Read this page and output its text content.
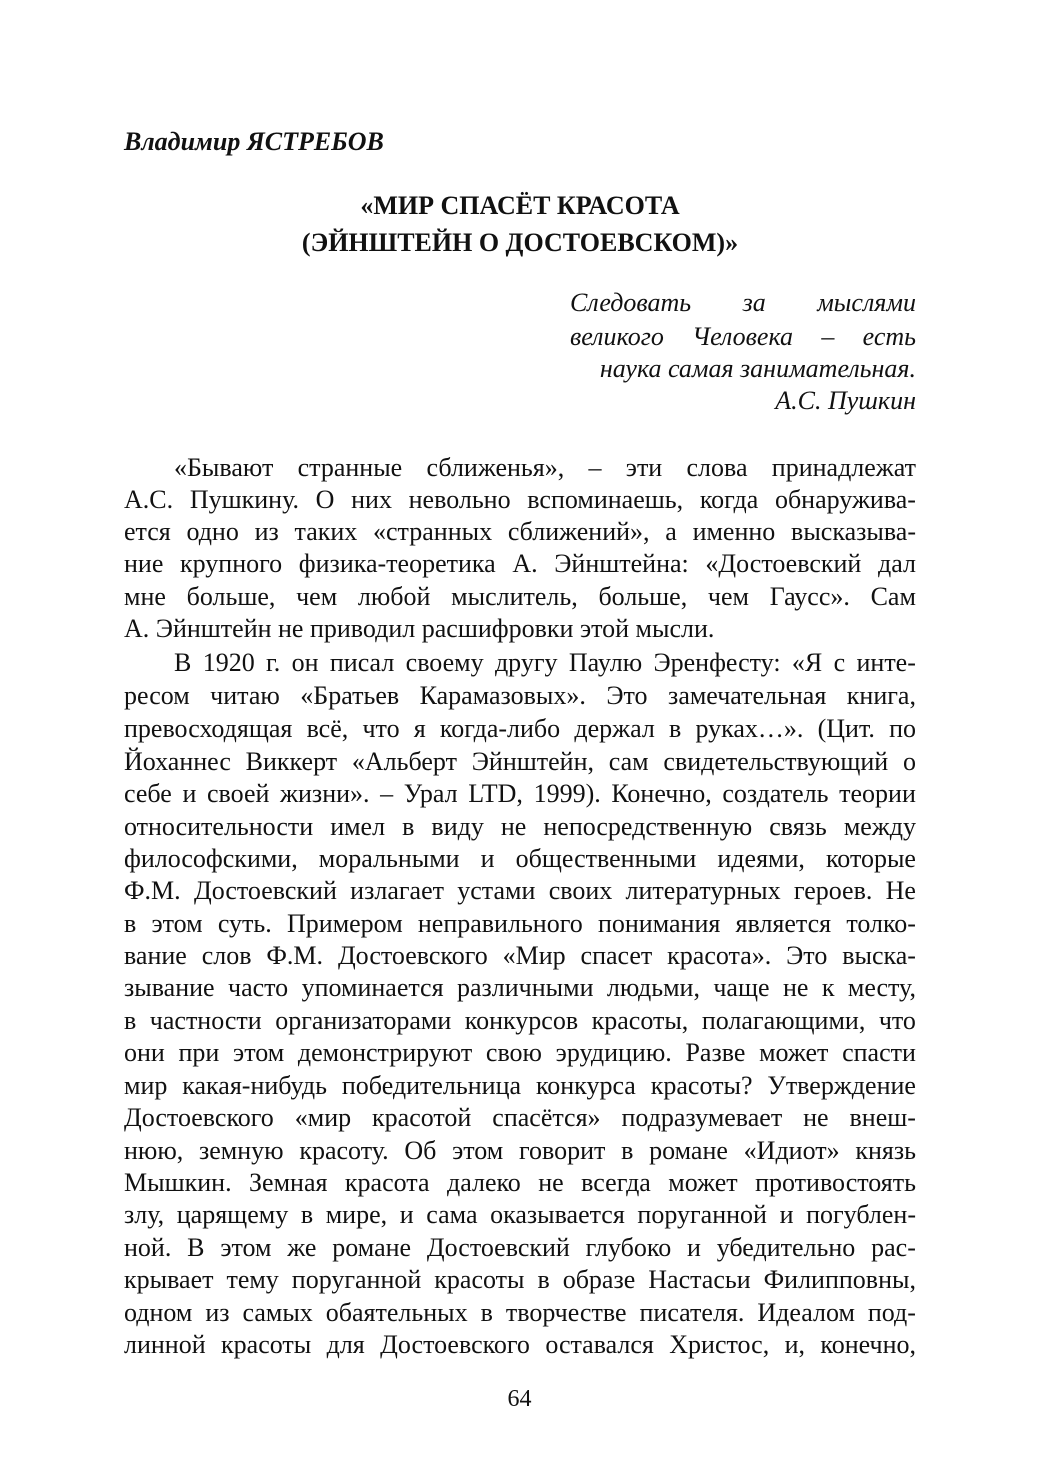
Владимир ЯСТРЕБОВ
«МИР СПАСЁТ КРАСОТА
(ЭЙНШТЕЙН О ДОСТОЕВСКОМ)»
Следовать за мыслями
великого Человека – есть
наука самая занимательная.
А.С. Пушкин
«Бывают странные сближенья», – эти слова принадлежат
А.С. Пушкину. О них невольно вспоминаешь, когда обнаружива-
ется одно из таких «странных сближений», а именно высказыва-
ние крупного физика-теоретика А. Эйнштейна: «Достоевский дал
мне больше, чем любой мыслитель, больше, чем Гаусс». Сам
А. Эйнштейн не приводил расшифровки этой мысли.
В 1920 г. он писал своему другу Паулю Эренфесту: «Я с инте-
ресом читаю «Братьев Карамазовых». Это замечательная книга,
превосходящая всё, что я когда-либо держал в руках…». (Цит. по
Йоханнес Виккерт «Альберт Эйнштейн, сам свидетельствующий о
себе и своей жизни». – Урал LTD, 1999). Конечно, создатель теории
относительности имел в виду не непосредственную связь между
философскими, моральными и общественными идеями, которые
Ф.М. Достоевский излагает устами своих литературных героев. Не
в этом суть. Примером неправильного понимания является толко-
вание слов Ф.М. Достоевского «Мир спасет красота». Это выска-
зывание часто упоминается различными людьми, чаще не к месту,
в частности организаторами конкурсов красоты, полагающими, что
они при этом демонстрируют свою эрудицию. Разве может спасти
мир какая-нибудь победительница конкурса красоты? Утверждение
Достоевского «мир красотой спасётся» подразумевает не внеш-
нюю, земную красоту. Об этом говорит в романе «Идиот» князь
Мышкин. Земная красота далеко не всегда может противостоять
злу, царящему в мире, и сама оказывается поруганной и погублен-
ной. В этом же романе Достоевский глубоко и убедительно рас-
крывает тему поруганной красоты в образе Настасьи Филипповны,
одном из самых обаятельных в творчестве писателя. Идеалом под-
линной красоты для Достоевского оставался Христос, и, конечно,
64
